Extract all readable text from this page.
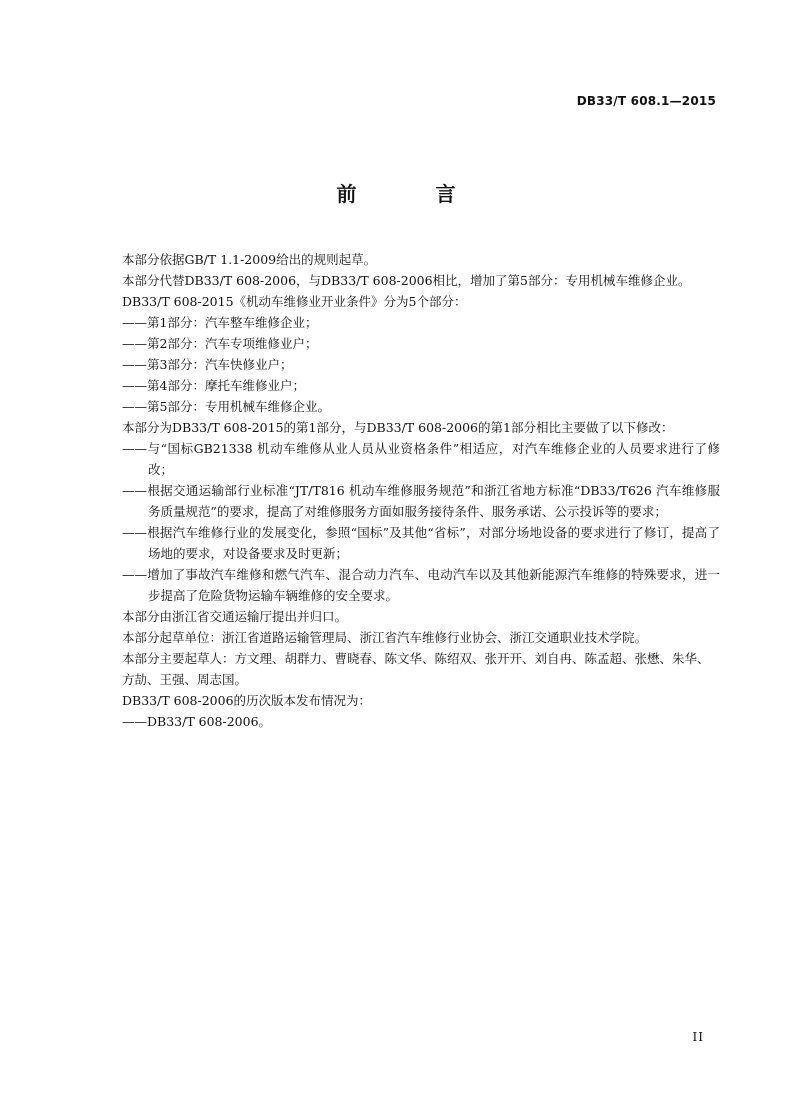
DB33/T 608.1—2015
前 言

本部分依据GB/T 1.1-2009给出的规则起草。

本部分代替DB33/T 608-2006，与DB33/T 608-2006相比，增加了第5部分：专用机械车维修企业。

DB33/T 608-2015《机动车维修业开业条件》分为5个部分：

——第1部分：汽车整车维修企业；

——第2部分：汽车专项维修业户；

——第3部分：汽车快修业户；

——第4部分：摩托车维修业户；

——第5部分：专用机械车维修企业。

本部分为DB33/T 608-2015的第1部分，与DB33/T 608-2006的第1部分相比主要做了以下修改：

——与“国标GB21338 机动车维修从业人员从业资格条件”相适应，对汽车维修企业的人员要求进行了修改；

——根据交通运输部行业标准“JT/T816 机动车维修服务规范”和浙江省地方标准“DB33/T626 汽车维修服务质量规范”的要求，提高了对维修服务方面如服务接待条件、服务承诺、公示投诉等的要求；

——根据汽车维修行业的发展变化，参照“国标”及其他“省标”，对部分场地设备的要求进行了修订，提高了场地的要求，对设备要求及时更新；

——增加了事故汽车维修和燃气汽车、混合动力汽车、电动汽车以及其他新能源汽车维修的特殊要求，进一步提高了危险货物运输车辆维修的安全要求。

本部分由浙江省交通运输厅提出并归口。

本部分起草单位：浙江省道路运输管理局、浙江省汽车维修行业协会、浙江交通职业技术学院。

本部分主要起草人：方文理、胡群力、曹晓春、陈文华、陈绍双、张开开、刘自冉、陈孟超、张懋、朱华、方劼、王强、周志国。

DB33/T 608-2006的历次版本发布情况为：

——DB33/T 608-2006。

II
